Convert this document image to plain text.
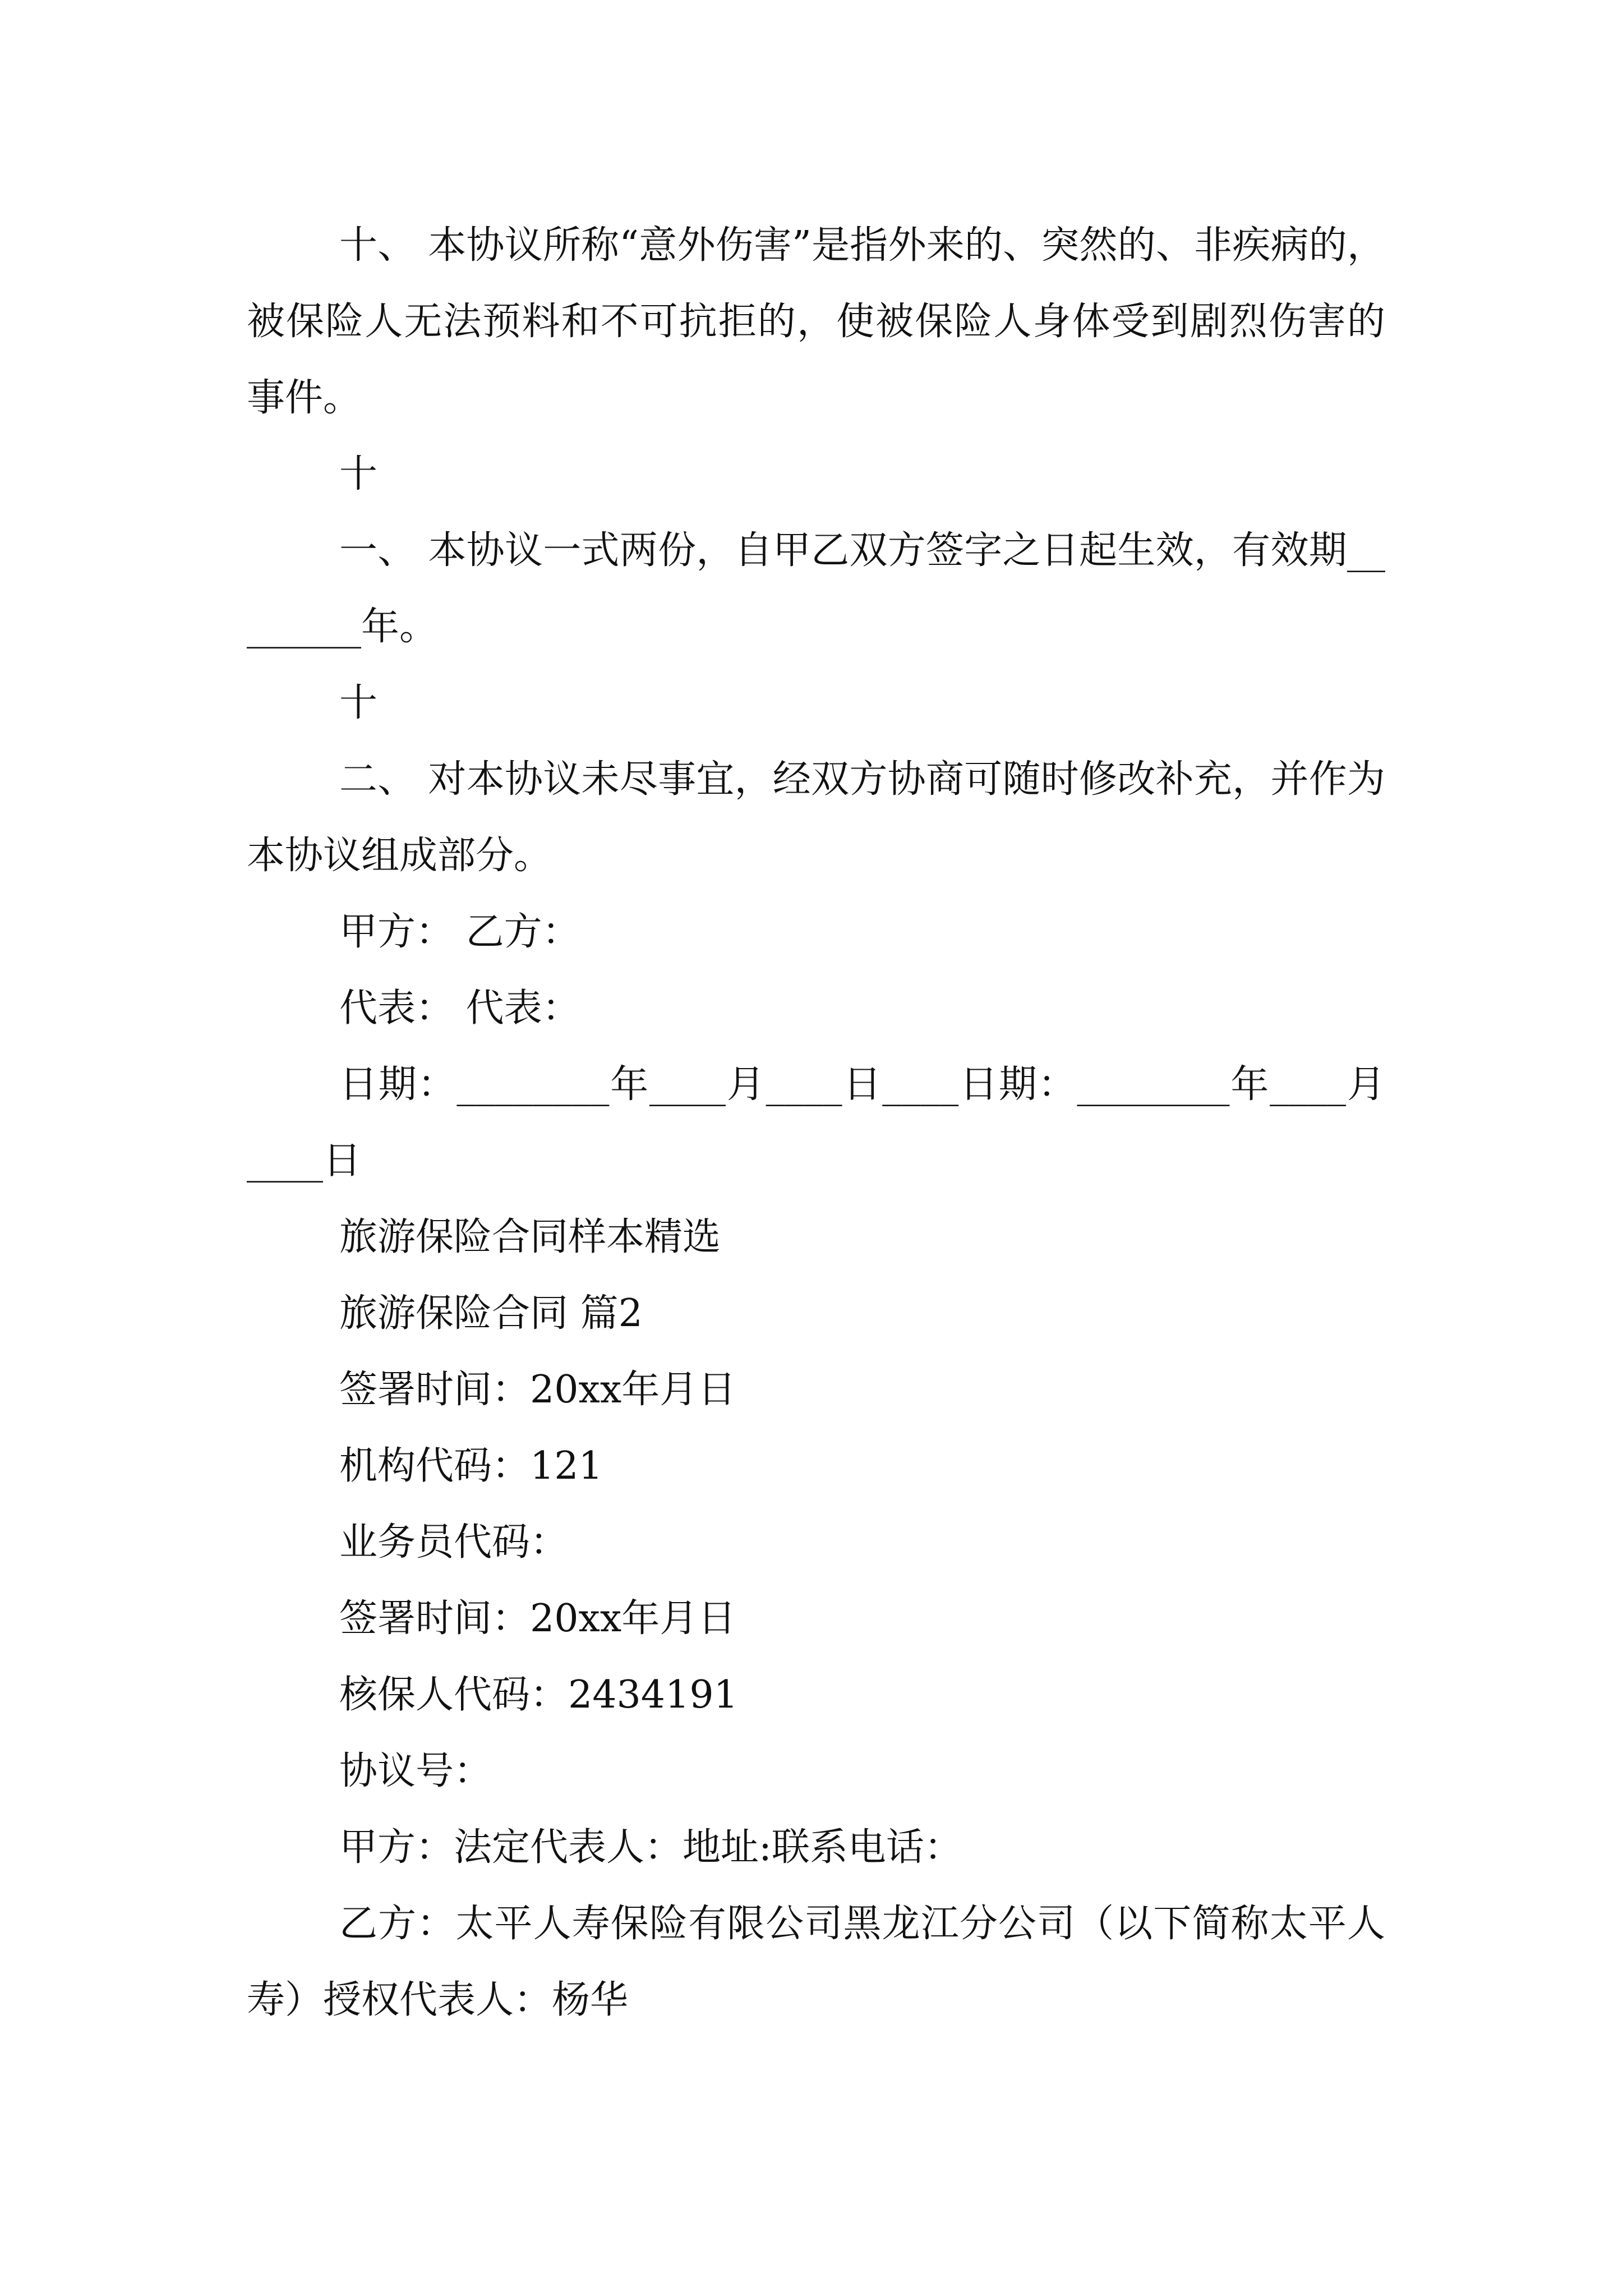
十、 本协议所称“意外伤害”是指外来的、突然的、非疾病的，被保险人无法预料和不可抗拒的，使被保险人身体受到剧烈伤害的事件。

十

一、 本协议一式两份，自甲乙双方签字之日起生效，有效期________年。

十

二、 对本协议未尽事宜，经双方协商可随时修改补充，并作为本协议组成部分。

甲方： 乙方：

代表： 代表：

日期：________年____月____日____日期：________年____月____日

旅游保险合同样本精选

旅游保险合同 篇2

签署时间：20xx年月日

机构代码：121

业务员代码：

签署时间：20xx年月日

核保人代码：2434191

协议号：

甲方：法定代表人：地址:联系电话：

乙方：太平人寿保险有限公司黑龙江分公司（以下简称太平人寿）授权代表人：杨华
